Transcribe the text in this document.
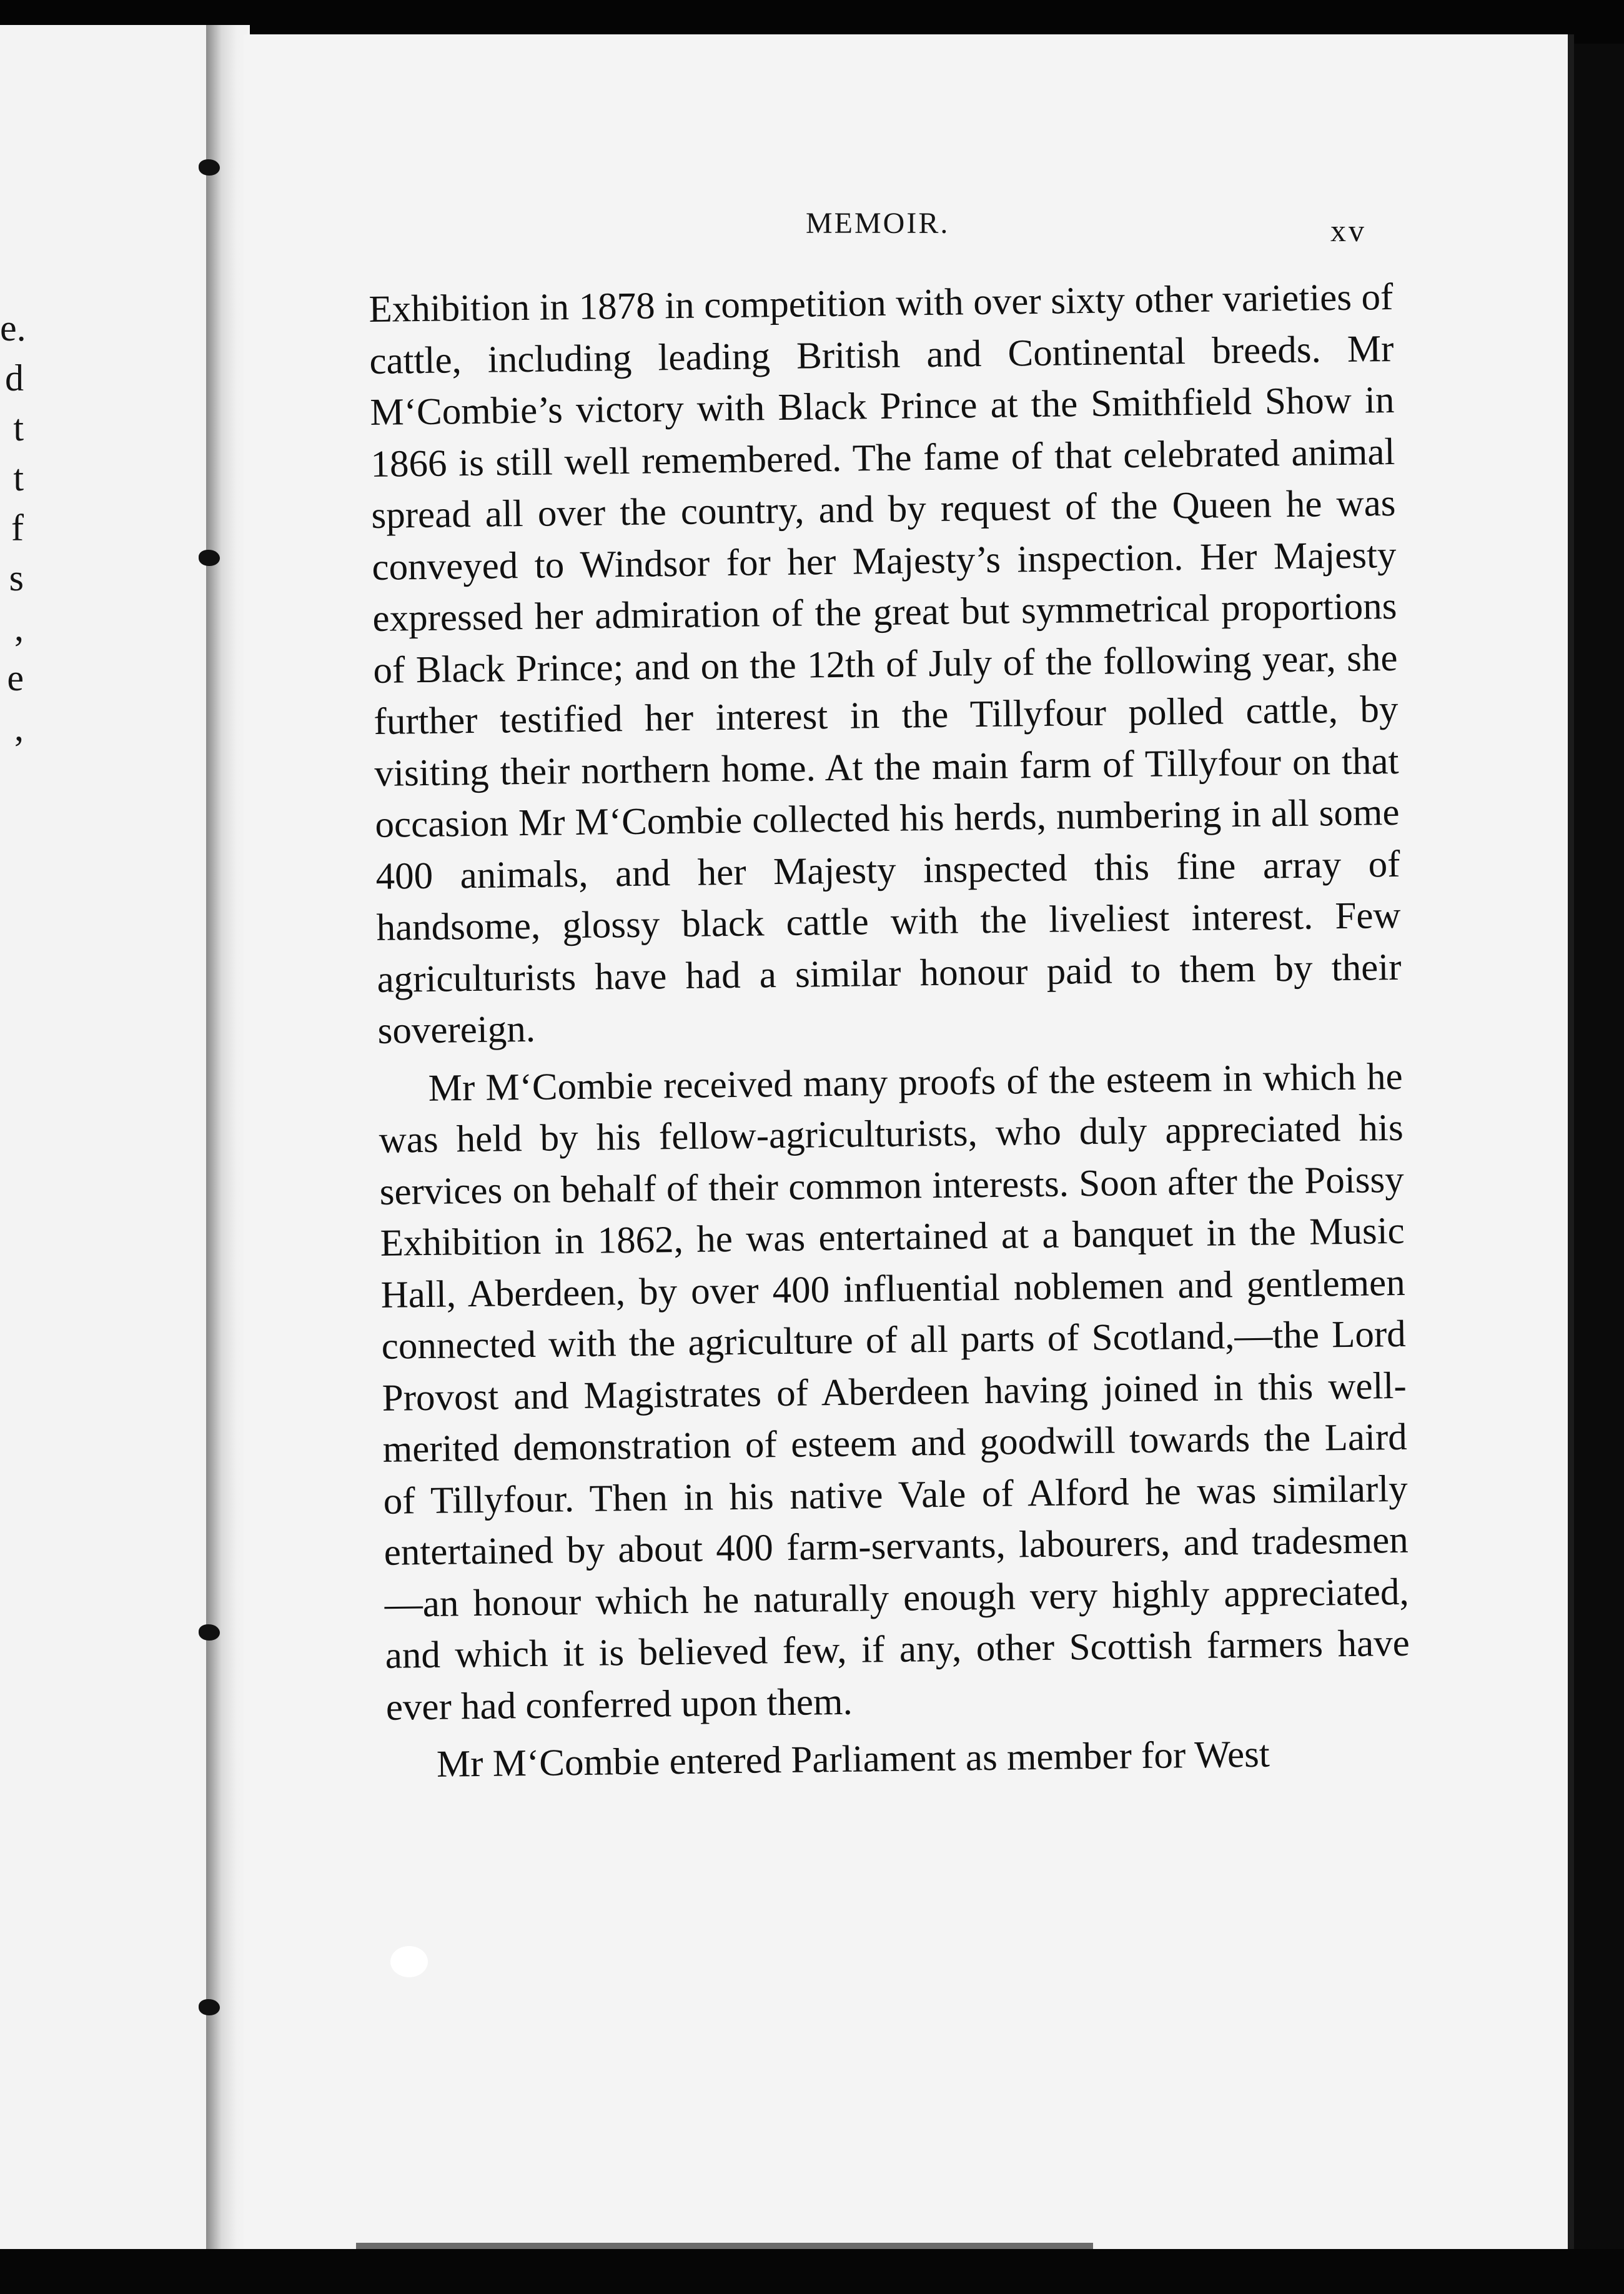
e.
d
t
t
f
s
,
e
,
MEMOIR.	xv

Exhibition in 1878 in competition with over sixty other varieties of cattle, including leading British and Continental breeds. Mr M‘Combie’s victory with Black Prince at the Smithfield Show in 1866 is still well remembered. The fame of that celebrated animal spread all over the country, and by request of the Queen he was conveyed to Windsor for her Majesty’s inspection. Her Majesty expressed her admiration of the great but symmetrical proportions of Black Prince; and on the 12th of July of the following year, she further testified her interest in the Tillyfour polled cattle, by visiting their northern home. At the main farm of Tillyfour on that occasion Mr M‘Combie collected his herds, numbering in all some 400 animals, and her Majesty inspected this fine array of handsome, glossy black cattle with the liveliest interest. Few agriculturists have had a similar honour paid to them by their sovereign.

Mr M‘Combie received many proofs of the esteem in which he was held by his fellow-agriculturists, who duly appreciated his services on behalf of their common interests. Soon after the Poissy Exhibition in 1862, he was entertained at a banquet in the Music Hall, Aberdeen, by over 400 influential noblemen and gentlemen connected with the agriculture of all parts of Scotland,—the Lord Provost and Magistrates of Aberdeen having joined in this well-merited demonstration of esteem and goodwill towards the Laird of Tillyfour. Then in his native Vale of Alford he was similarly entertained by about 400 farm-servants, labourers, and tradesmen—an honour which he naturally enough very highly appreciated, and which it is believed few, if any, other Scottish farmers have ever had conferred upon them.

Mr M‘Combie entered Parliament as member for West
